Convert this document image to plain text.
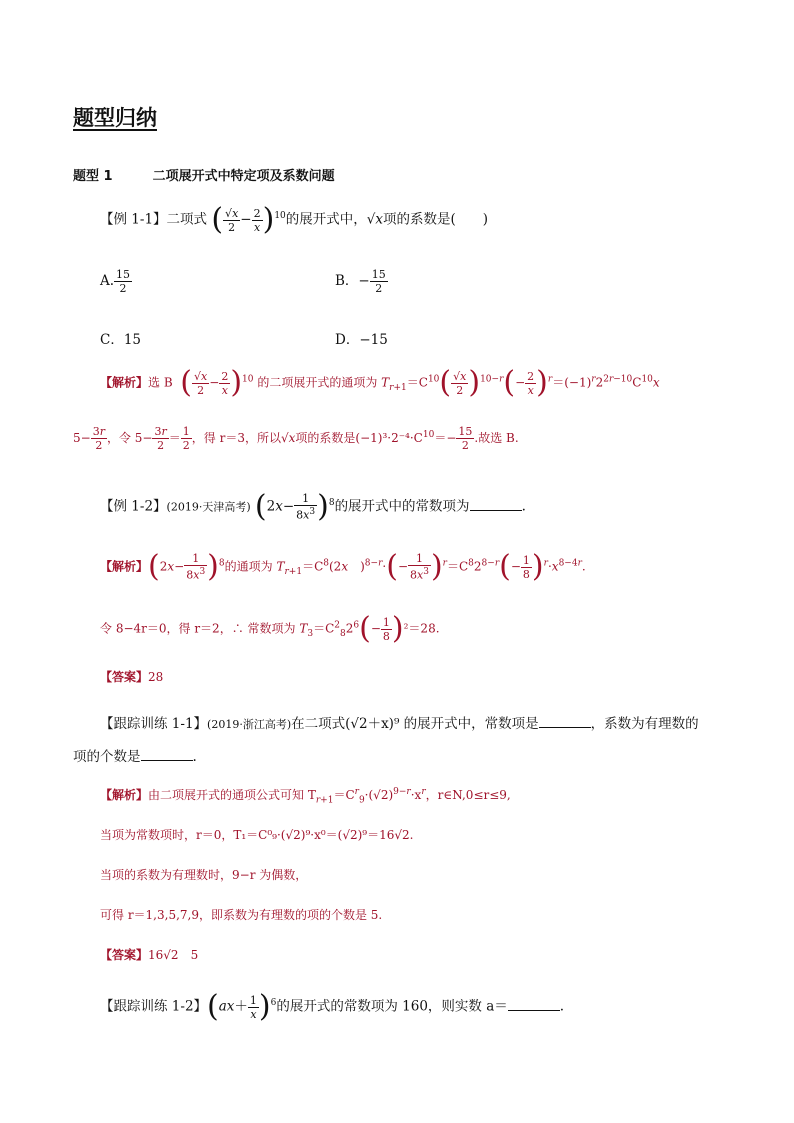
题型归纳
题型 1	二项展开式中特定项及系数问题
【例 1-1】二项式 ( $\frac{√x}{2} - \frac{2}{x} )^{10}$的展开式中，√x项的系数是(　　)
A. $\frac{15}{2}$	B．− $\frac{15}{2}$
C．15	D．−15
【解析】选 B ( $\frac{√x}{2} - \frac{2}{x} )^{10}$ 的二项展开式的通项为 $T_{r+1}=C^{10}( \frac{√x}{2} )^{10-r}(- \frac{2}{x} )^r=(-1)^r2^{2r-10}C^{10}x$
$5- \frac{3r}{2}$ ，令 $5- \frac{3r}{2} = \frac{1}{2}$ ，得 r＝3，所以√x项的系数是$(-1)^3\cdot 2^{-4}\cdot C^{10}=- \frac{15}{2}$ .故选 B.
【例 1-2】(2019·天津高考) $(2x- \frac{1}{8x^3} )^8$的展开式中的常数项为	.
【解析】$(2x- \frac{1}{8x^3} )^8$的通项为 $T_{r+1}=C^8(2x$　)$^{8-r}\cdot(- \frac{1}{8x^3} )^r=C^82^{8-r}(- \frac{1}{8} )^r\cdot x^{8-4r}$.
令 8−4r＝0，得 r＝2，∴ 常数项为 $T_3=C^2_82^6(- \frac{1}{8} )^2=28$.
【答案】28
【跟踪训练 1-1】(2019·浙江高考)在二项式(√2＋x)⁹ 的展开式中，常数项是	，系数为有理数的
项的个数是	.
【解析】由二项展开式的通项公式可知 $T_{r+1}=C^r_9\cdot(√2)^{9-r}\cdot x^r$，r∈N,0≤r≤9,
当项为常数项时，r＝0，T₁＝C⁰₉·(√2)⁹·x⁰＝(√2)⁹＝16√2.
当项的系数为有理数时，9−r 为偶数，
可得 r＝1,3,5,7,9，即系数为有理数的项的个数是 5.
【答案】16√2　5
【跟踪训练 1-2】$(ax+ \frac{1}{x} )^6$的展开式的常数项为 160，则实数 a＝	.
